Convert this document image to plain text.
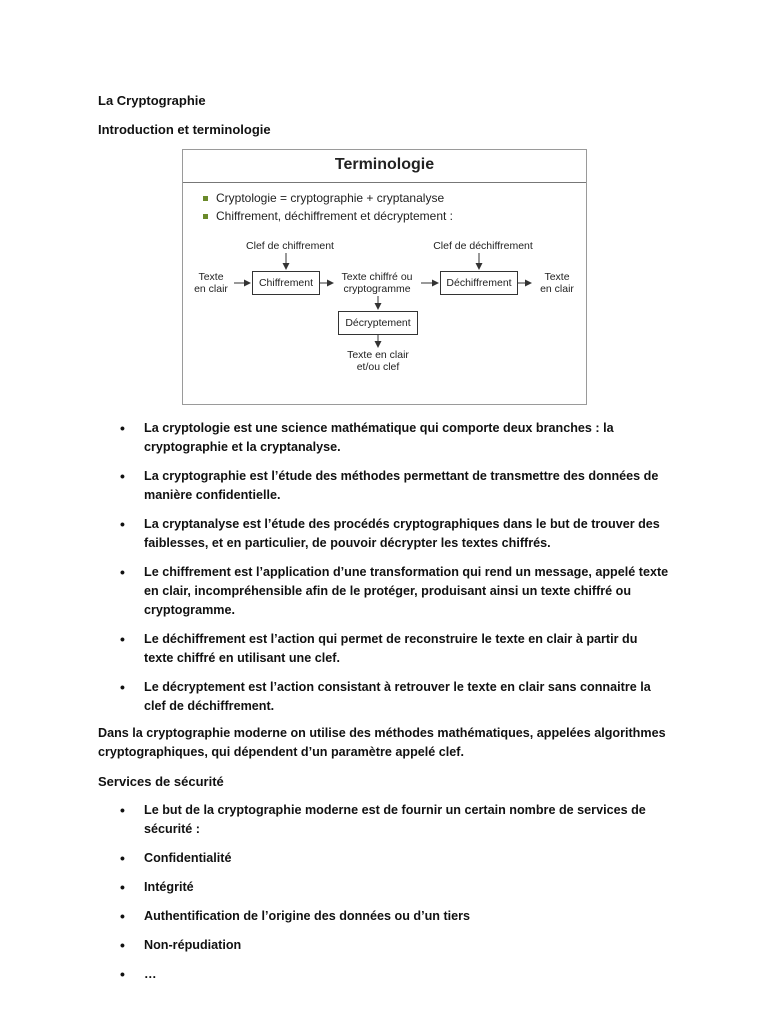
La Cryptographie
Introduction et terminologie
Terminologie
Cryptologie = cryptographie + cryptanalyse
Chiffrement, déchiffrement et décryptement :
Clef de chiffrement	Clef de déchiffrement
Texte
en clair	Chiffrement	Texte chiffré ou
cryptogramme	Déchiffrement	Texte
en clair
Décryptement
Texte en clair
et/ou clef
• La cryptologie est une science mathématique qui comporte deux branches : la cryptographie et la cryptanalyse.
• La cryptographie est l’étude des méthodes permettant de transmettre des données de manière confidentielle.
• La cryptanalyse est l’étude des procédés cryptographiques dans le but de trouver des faiblesses, et en particulier, de pouvoir décrypter les textes chiffrés.
• Le chiffrement est l’application d’une transformation qui rend un message, appelé texte en clair, incompréhensible afin de le protéger, produisant ainsi un texte chiffré ou cryptogramme.
• Le déchiffrement est l’action qui permet de reconstruire le texte en clair à partir du texte chiffré en utilisant une clef.
• Le décryptement est l’action consistant à retrouver le texte en clair sans connaitre la clef de déchiffrement.
Dans la cryptographie moderne on utilise des méthodes mathématiques, appelées algorithmes cryptographiques, qui dépendent d’un paramètre appelé clef.
Services de sécurité
• Le but de la cryptographie moderne est de fournir un certain nombre de services de sécurité :
• Confidentialité
• Intégrité
• Authentification de l’origine des données ou d’un tiers
• Non-répudiation
• …
